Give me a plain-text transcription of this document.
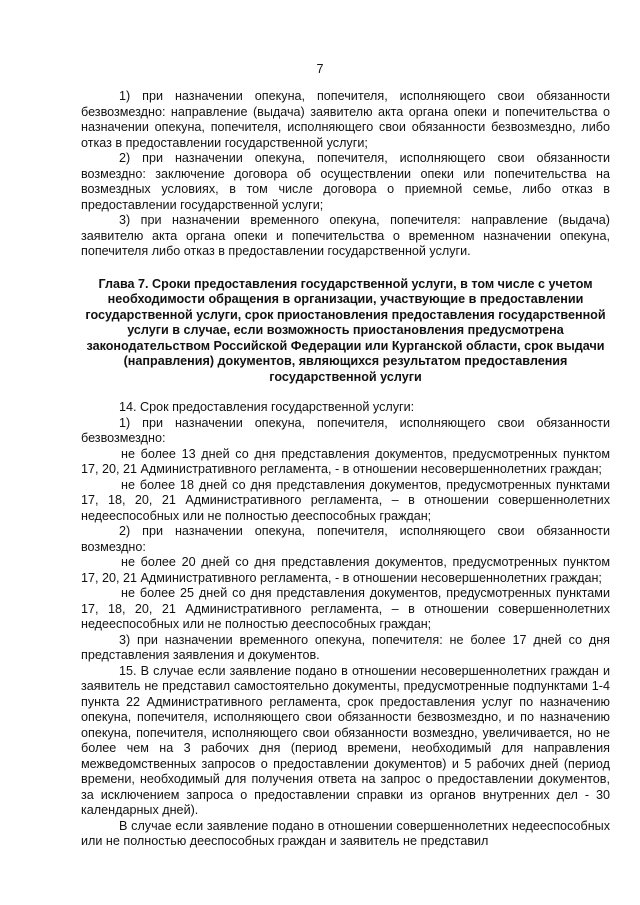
7

1) при назначении опекуна, попечителя, исполняющего свои обязанности безвозмездно: направление (выдача) заявителю акта органа опеки и попечительства о назначении опекуна, попечителя, исполняющего свои обязанности безвозмездно, либо отказ в предоставлении государственной услуги;

2) при назначении опекуна, попечителя, исполняющего свои обязанности возмездно: заключение договора об осуществлении опеки или попечительства на возмездных условиях, в том числе договора о приемной семье, либо отказ в предоставлении государственной услуги;

3) при назначении временного опекуна, попечителя: направление (выдача) заявителю акта органа опеки и попечительства о временном назначении опекуна, попечителя либо отказ в предоставлении государственной услуги.

Глава 7. Сроки предоставления государственной услуги, в том числе с учетом необходимости обращения в организации, участвующие в предоставлении государственной услуги, срок приостановления предоставления государственной услуги в случае, если возможность приостановления предусмотрена законодательством Российской Федерации или Курганской области, срок выдачи (направления) документов, являющихся результатом предоставления государственной услуги

14. Срок предоставления государственной услуги:

1) при назначении опекуна, попечителя, исполняющего свои обязанности безвозмездно:

не более 13 дней со дня представления документов, предусмотренных пунктом 17, 20, 21 Административного регламента, - в отношении несовершеннолетних граждан;

не более 18 дней со дня представления документов, предусмотренных пунктами 17, 18, 20, 21 Административного регламента, – в отношении совершеннолетних недееспособных или не полностью дееспособных граждан;

2) при назначении опекуна, попечителя, исполняющего свои обязанности возмездно:

не более 20 дней со дня представления документов, предусмотренных пунктом 17, 20, 21 Административного регламента, - в отношении несовершеннолетних граждан;

не более 25 дней со дня представления документов, предусмотренных пунктами 17, 18, 20, 21 Административного регламента, – в отношении совершеннолетних недееспособных или не полностью дееспособных граждан;

3) при назначении временного опекуна, попечителя: не более 17 дней со дня представления заявления и документов.

15. В случае если заявление подано в отношении несовершеннолетних граждан и заявитель не представил самостоятельно документы, предусмотренные подпунктами 1-4 пункта 22 Административного регламента, срок предоставления услуг по назначению опекуна, попечителя, исполняющего свои обязанности безвозмездно, и по назначению опекуна, попечителя, исполняющего свои обязанности возмездно, увеличивается, но не более чем на 3 рабочих дня (период времени, необходимый для направления межведомственных запросов о предоставлении документов) и 5 рабочих дней (период времени, необходимый для получения ответа на запрос о предоставлении документов, за исключением запроса о предоставлении справки из органов внутренних дел - 30 календарных дней).

В случае если заявление подано в отношении совершеннолетних недееспособных или не полностью дееспособных граждан и заявитель не представил
